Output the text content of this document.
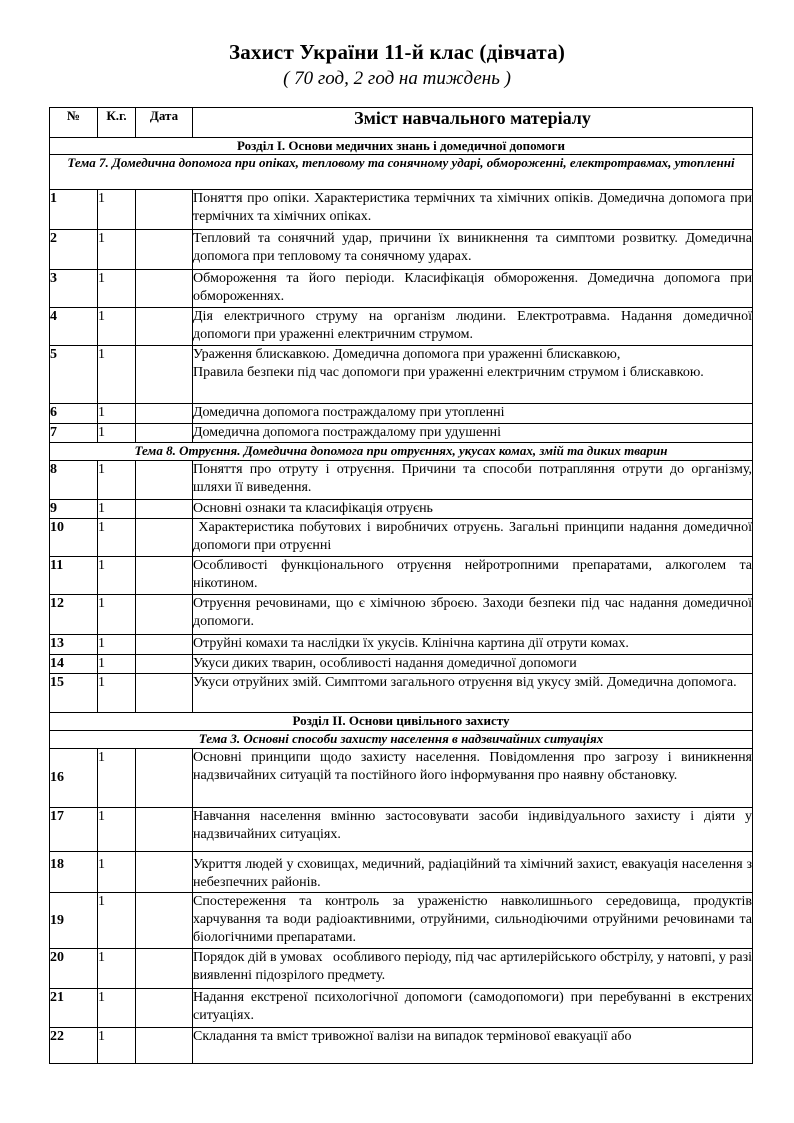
Захист України 11-й клас (дівчата)

( 70 год, 2 год на тиждень )

№	К.г.	Дата	Зміст навчального матеріалу
Розділ І. Основи медичних знань і домедичної допомоги			
Тема 7. Домедична допомога при опіках, тепловому та сонячному ударі, обмороженні, електротравмах, утопленні			
1	1		Поняття про опіки. Характеристика термічних та хімічних опіків. Домедична допомога при термічних та хімічних опіках.
2	1		Тепловий та сонячний удар, причини їх виникнення та симптоми розвитку. Домедична допомога при тепловому та сонячному ударах.
3	1		Обмороження та його періоди. Класифікація обмороження. Домедична допомога при обмороженнях.
4	1		Дія електричного струму на організм людини. Електротравма. Надання домедичної допомоги при ураженні електричним струмом.
5	1		Ураження блискавкою. Домедична допомога при ураженні блискавкою,
Правила безпеки під час допомоги при ураженні електричним струмом і блискавкою.

6	1		Домедична допомога постраждалому при утопленні
7	1		Домедична допомога постраждалому при удушенні
Тема 8. Отруєння. Домедична допомога при отруєннях, укусах комах, змій та диких тварин			
8	1		Поняття про отруту і отруєння. Причини та способи потрапляння отрути до організму, шляхи її виведення.
9	1		Основні ознаки та класифікація отруєнь
10	1		Характеристика побутових і виробничих отруєнь. Загальні принципи надання домедичної допомоги при отруєнні
11	1		Особливості функціонального отруєння нейротропними препаратами, алкоголем та нікотином.
12	1		Отруєння речовинами, що є хімічною зброєю. Заходи безпеки під час надання домедичної допомоги.
13	1		Отруйні комахи та наслідки їх укусів. Клінічна картина дії отрути комах.
14	1		Укуси диких тварин, особливості надання домедичної допомоги
15	1		Укуси отруйних змій. Симптоми загального отруєння від укусу змій. Домедична допомога.
Розділ ІІ. Основи цивільного захисту			
Тема 3. Основні способи захисту населення в надзвичайних ситуаціях			
16	1		Основні принципи щодо захисту населення. Повідомлення про загрозу і виникнення надзвичайних ситуацій та постійного його інформування про наявну обстановку.
17	1		Навчання населення вмінню застосовувати засоби індивідуального захисту і діяти у надзвичайних ситуаціях.
18	1		Укриття людей у сховищах, медичний, радіаційний та хімічний захист, евакуація населення з небезпечних районів.
19	1		Спостереження та контроль за ураженістю навколишнього середовища, продуктів харчування та води радіоактивними, отруйними, сильнодіючими отруйними речовинами та біологічними препаратами.
20	1		Порядок дій в умовах   особливого періоду, під час артилерійського обстрілу, у натовпі, у разі виявленні підозрілого предмету.
21	1		Надання екстреної психологічної допомоги (самодопомоги) при перебуванні в екстрених ситуаціях.
22	1		Складання та вміст тривожної валізи на випадок термінової евакуації або
